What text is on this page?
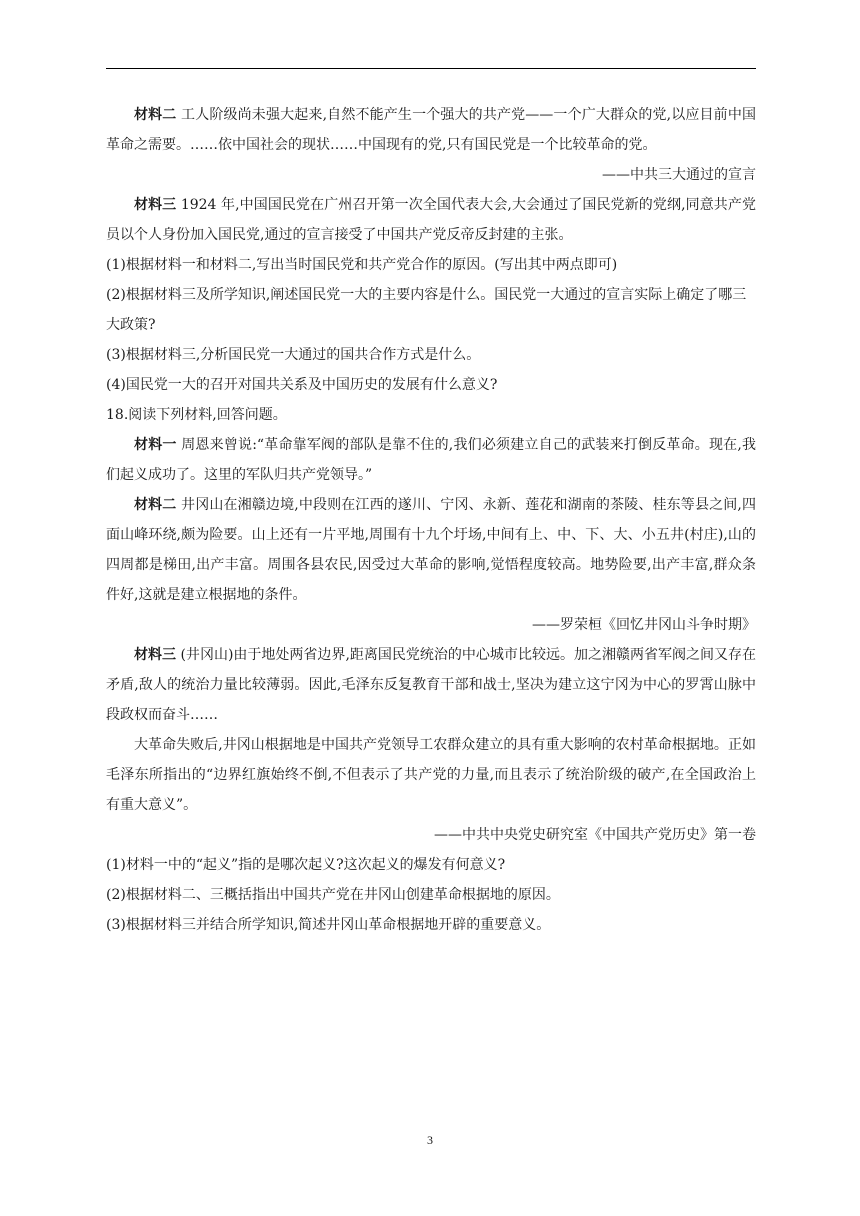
材料二 工人阶级尚未强大起来,自然不能产生一个强大的共产党——一个广大群众的党,以应目前中国革命之需要。……依中国社会的现状……中国现有的党,只有国民党是一个比较革命的党。

——中共三大通过的宣言

材料三 1924 年,中国国民党在广州召开第一次全国代表大会,大会通过了国民党新的党纲,同意共产党员以个人身份加入国民党,通过的宣言接受了中国共产党反帝反封建的主张。

(1)根据材料一和材料二,写出当时国民党和共产党合作的原因。(写出其中两点即可)

(2)根据材料三及所学知识,阐述国民党一大的主要内容是什么。国民党一大通过的宣言实际上确定了哪三大政策?

(3)根据材料三,分析国民党一大通过的国共合作方式是什么。

(4)国民党一大的召开对国共关系及中国历史的发展有什么意义?

18.阅读下列材料,回答问题。

材料一 周恩来曾说:“革命靠军阀的部队是靠不住的,我们必须建立自己的武装来打倒反革命。现在,我们起义成功了。这里的军队归共产党领导。”

材料二 井冈山在湘赣边境,中段则在江西的遂川、宁冈、永新、莲花和湖南的茶陵、桂东等县之间,四面山峰环绕,颇为险要。山上还有一片平地,周围有十九个圩场,中间有上、中、下、大、小五井(村庄),山的四周都是梯田,出产丰富。周围各县农民,因受过大革命的影响,觉悟程度较高。地势险要,出产丰富,群众条件好,这就是建立根据地的条件。

——罗荣桓《回忆井冈山斗争时期》

材料三 (井冈山)由于地处两省边界,距离国民党统治的中心城市比较远。加之湘赣两省军阀之间又存在矛盾,敌人的统治力量比较薄弱。因此,毛泽东反复教育干部和战士,坚决为建立这宁冈为中心的罗霄山脉中段政权而奋斗……

大革命失败后,井冈山根据地是中国共产党领导工农群众建立的具有重大影响的农村革命根据地。正如毛泽东所指出的“边界红旗始终不倒,不但表示了共产党的力量,而且表示了统治阶级的破产,在全国政治上有重大意义”。

——中共中央党史研究室《中国共产党历史》第一卷

(1)材料一中的“起义”指的是哪次起义?这次起义的爆发有何意义?

(2)根据材料二、三概括指出中国共产党在井冈山创建革命根据地的原因。

(3)根据材料三并结合所学知识,简述井冈山革命根据地开辟的重要意义。

3
